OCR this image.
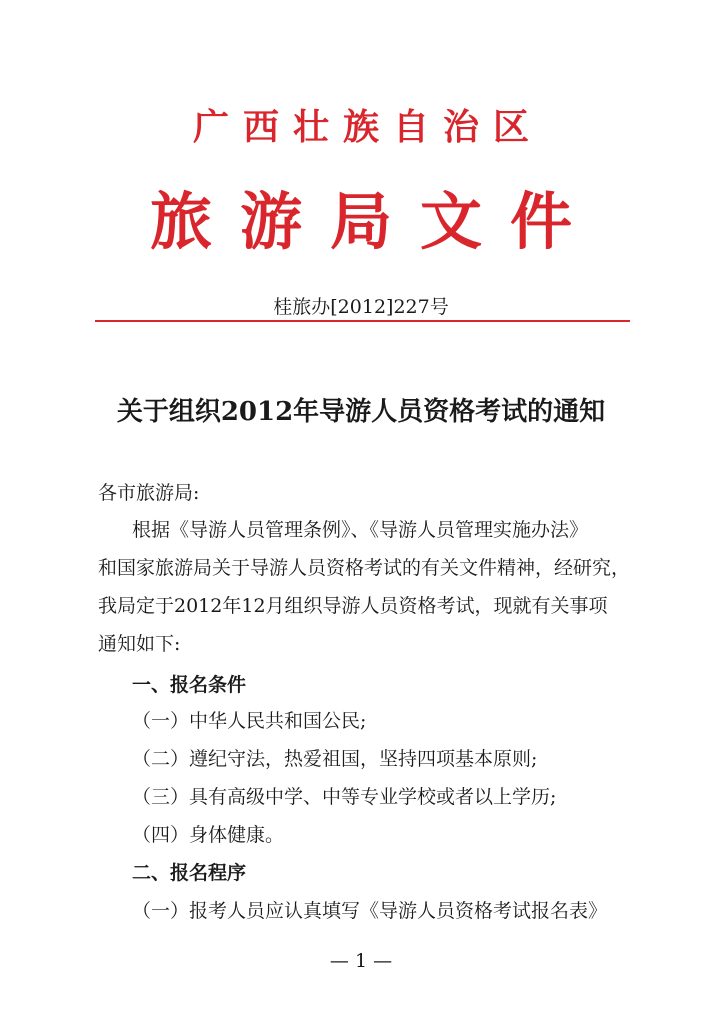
广西壮族自治区
旅游局文件
桂旅办[2012]227号
关于组织2012年导游人员资格考试的通知
各市旅游局:
根据《导游人员管理条例》、《导游人员管理实施办法》
和国家旅游局关于导游人员资格考试的有关文件精神，经研究，
我局定于2012年12月组织导游人员资格考试，现就有关事项
通知如下:
一、报名条件
（一）中华人民共和国公民;
（二）遵纪守法，热爱祖国，坚持四项基本原则;
（三）具有高级中学、中等专业学校或者以上学历;
（四）身体健康。
二、报名程序
（一）报考人员应认真填写《导游人员资格考试报名表》
— 1 —
